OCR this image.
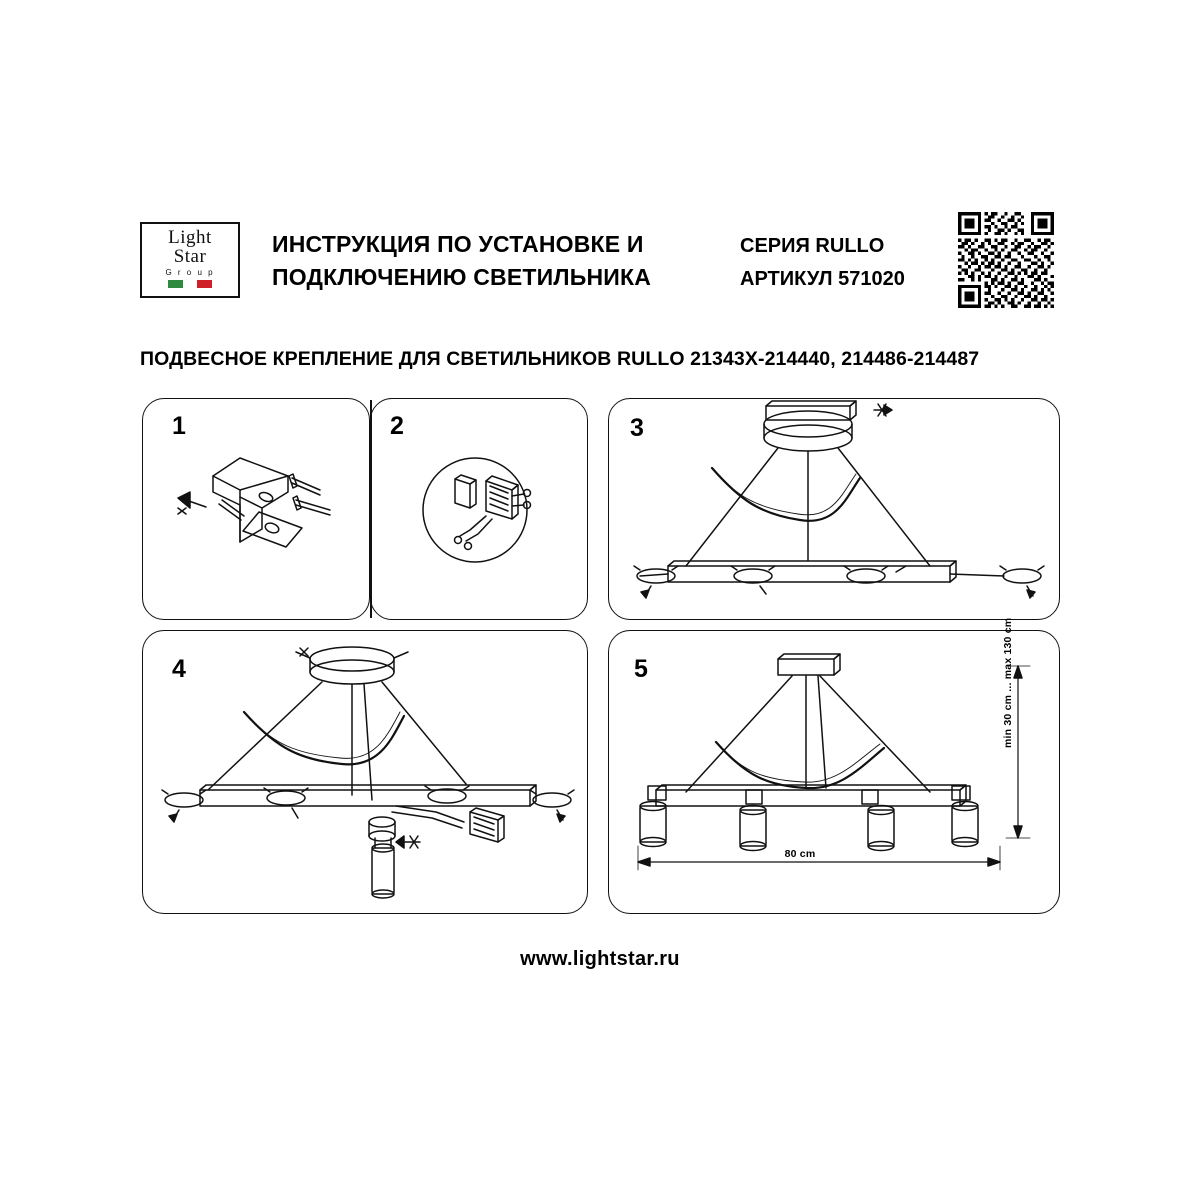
Light
Star
G r o u p
ИНСТРУКЦИЯ ПО УСТАНОВКЕ И
ПОДКЛЮЧЕНИЮ СВЕТИЛЬНИКА
СЕРИЯ RULLO
АРТИКУЛ 571020
ПОДВЕСНОЕ КРЕПЛЕНИЕ ДЛЯ СВЕТИЛЬНИКОВ RULLO 21343X-214440, 214486-214487
1	2	3
4	5
80 cm
min 30 cm ... max 130 cm
www.lightstar.ru
